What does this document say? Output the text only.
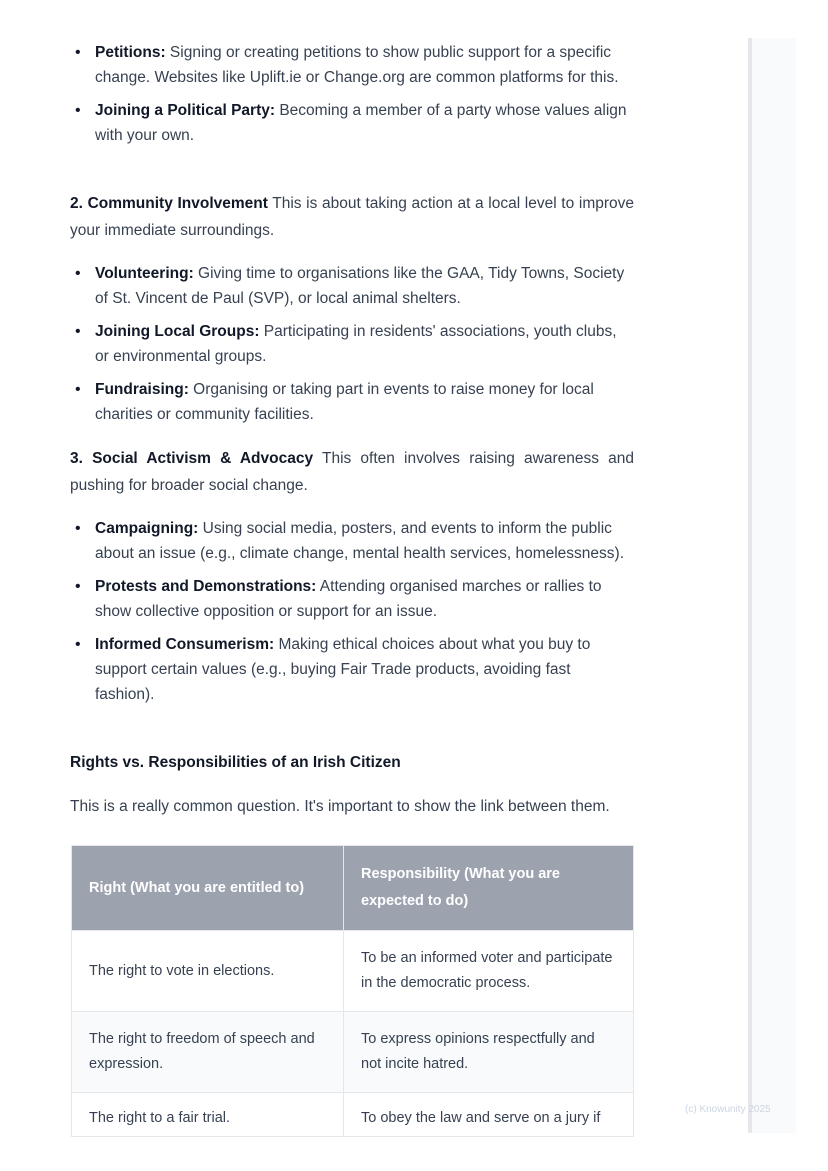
• Petitions: Signing or creating petitions to show public support for a specific change. Websites like Uplift.ie or Change.org are common platforms for this.
• Joining a Political Party: Becoming a member of a party whose values align with your own.

2. Community Involvement This is about taking action at a local level to improve your immediate surroundings.

• Volunteering: Giving time to organisations like the GAA, Tidy Towns, Society of St. Vincent de Paul (SVP), or local animal shelters.
• Joining Local Groups: Participating in residents' associations, youth clubs, or environmental groups.
• Fundraising: Organising or taking part in events to raise money for local charities or community facilities.

3. Social Activism & Advocacy This often involves raising awareness and pushing for broader social change.

• Campaigning: Using social media, posters, and events to inform the public about an issue (e.g., climate change, mental health services, homelessness).
• Protests and Demonstrations: Attending organised marches or rallies to show collective opposition or support for an issue.
• Informed Consumerism: Making ethical choices about what you buy to support certain values (e.g., buying Fair Trade products, avoiding fast fashion).
Rights vs. Responsibilities of an Irish Citizen
This is a really common question. It's important to show the link between them.
Right (What you are entitled to)	Responsibility (What you are expected to do)
The right to vote in elections.	To be an informed voter and participate in the democratic process.
The right to freedom of speech and expression.	To express opinions respectfully and not incite hatred.
The right to a fair trial.	To obey the law and serve on a jury if
(c) Knowunity 2025
